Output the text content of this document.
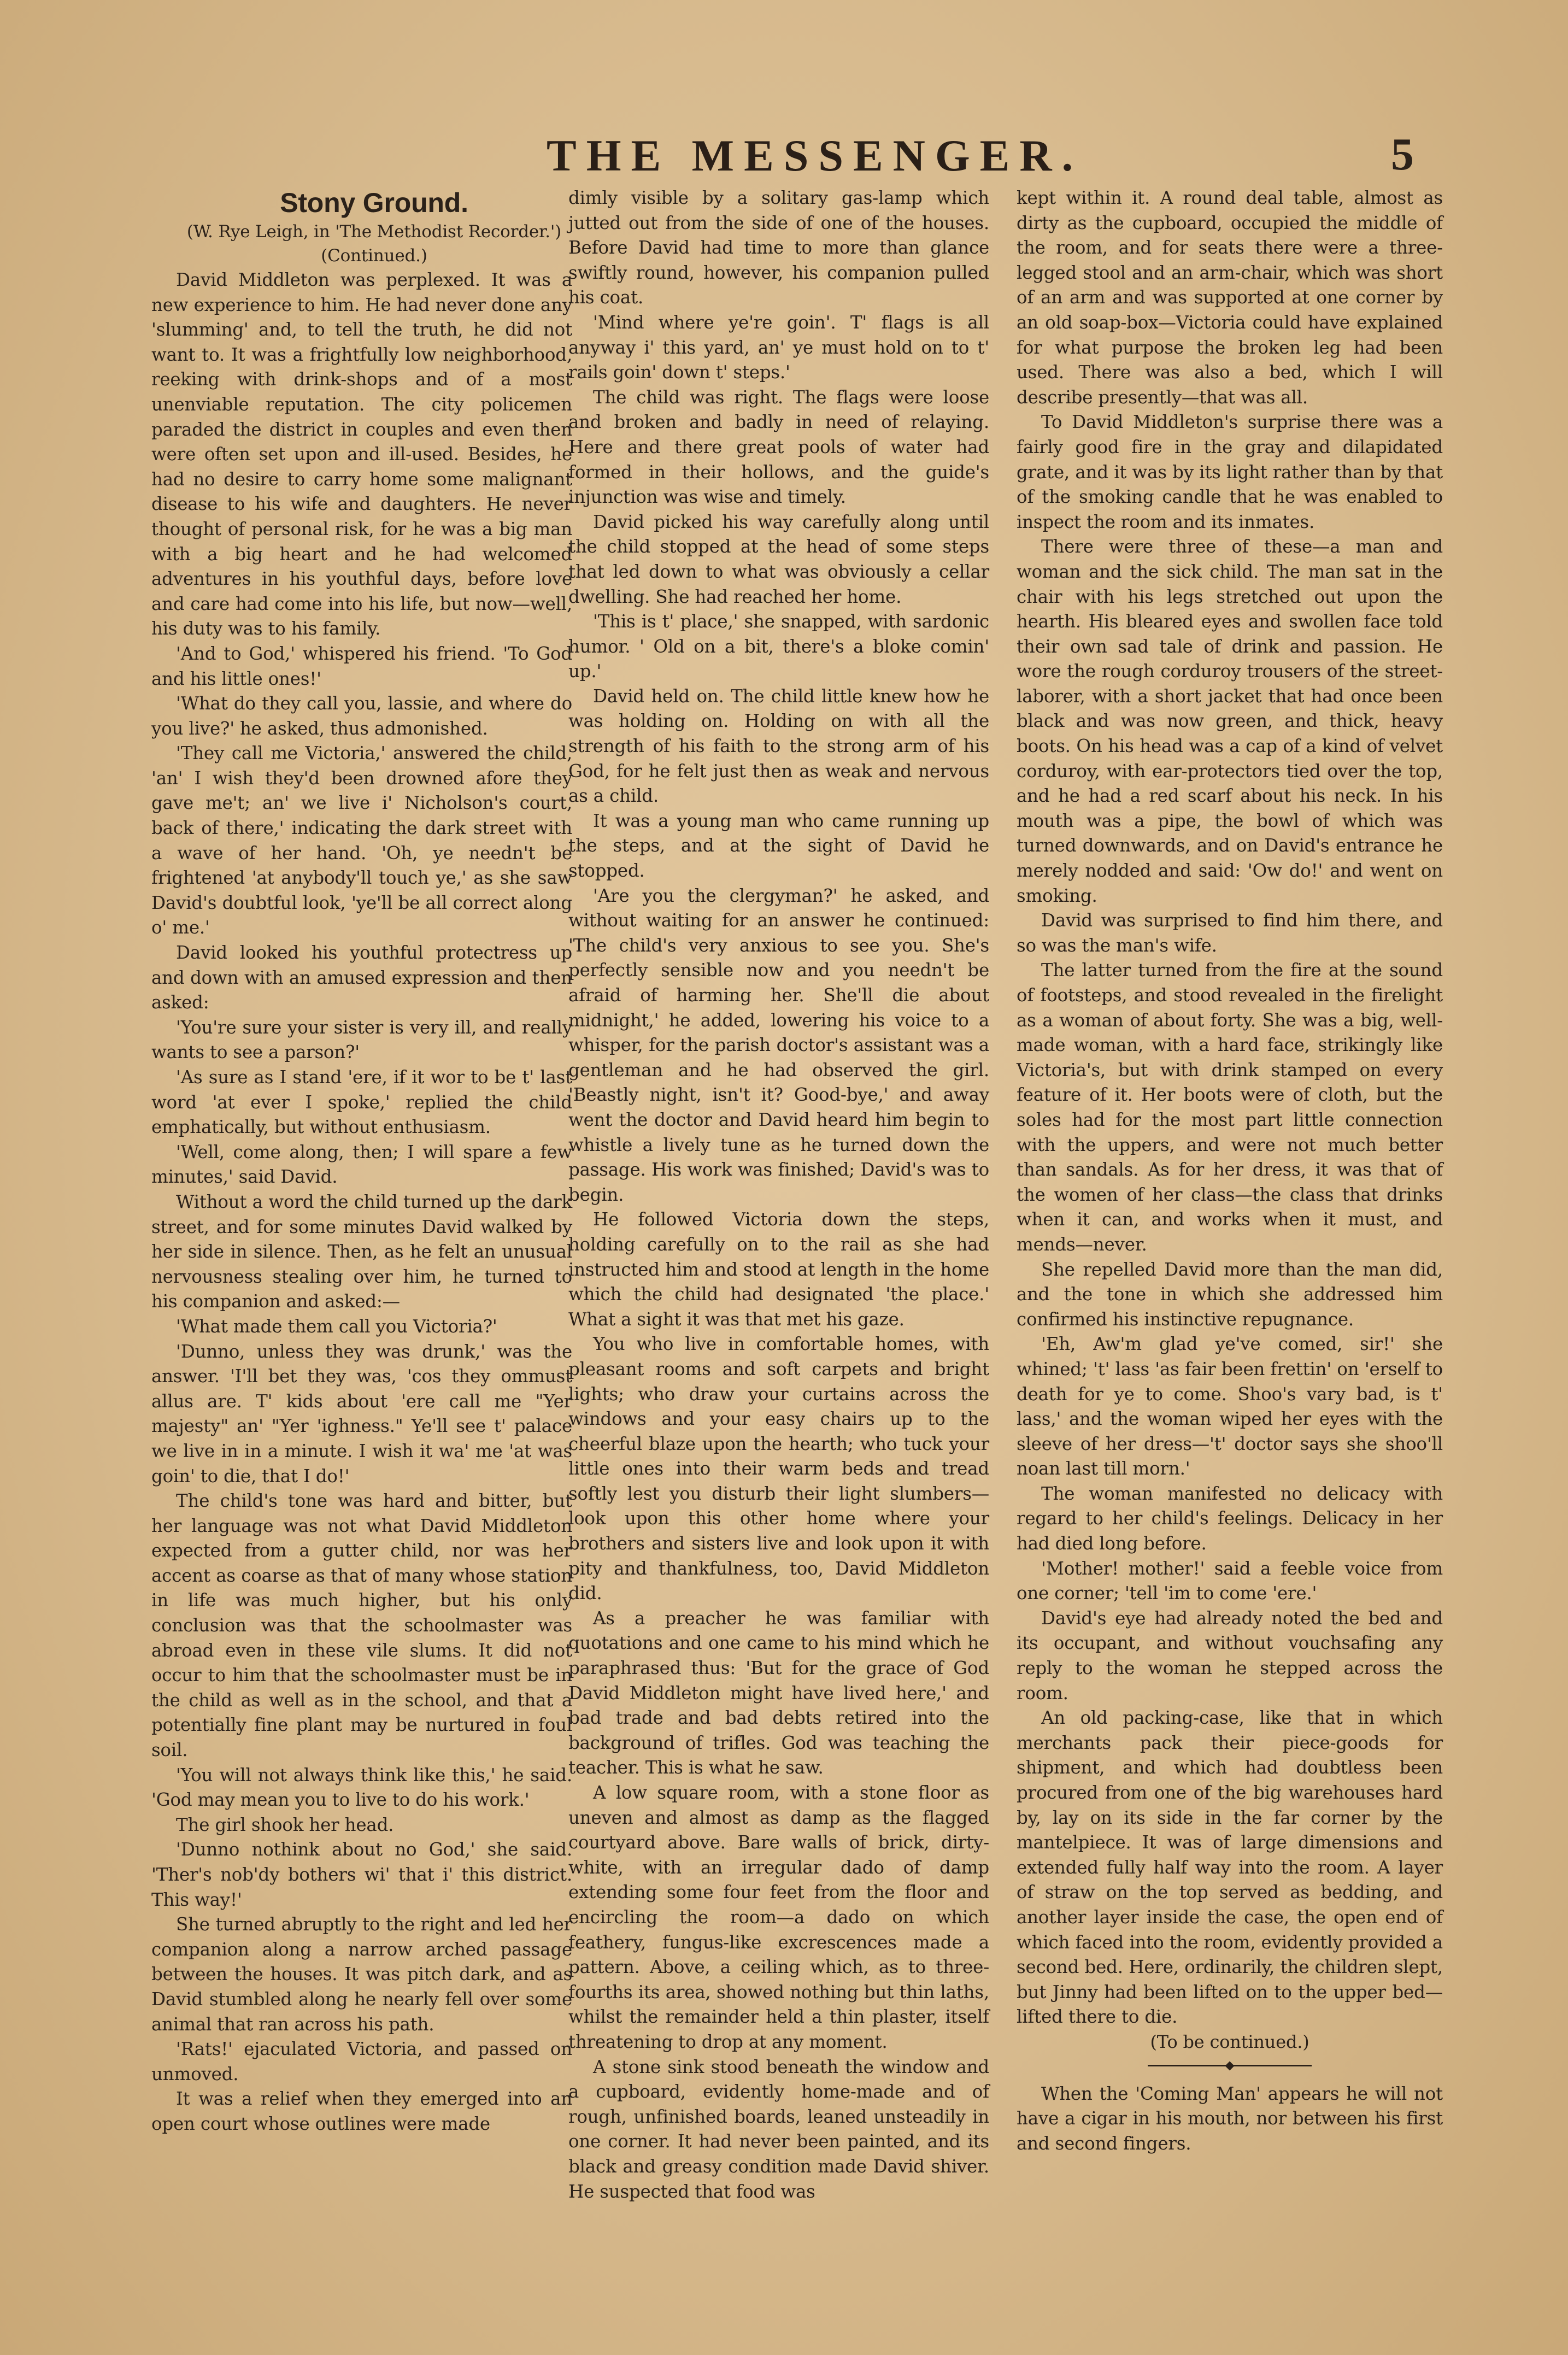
THE MESSENGER.	5

Stony Ground.

(W. Rye Leigh, in 'The Methodist Recorder.')

(Continued.)

David Middleton was perplexed. It was a new experience to him. He had never done any 'slumming' and, to tell the truth, he did not want to. It was a frightfully low neighborhood, reeking with drink-shops and of a most unenviable reputation. The city policemen paraded the district in couples and even then were often set upon and ill-used. Besides, he had no desire to carry home some malignant disease to his wife and daughters. He never thought of personal risk, for he was a big man with a big heart and he had welcomed adventures in his youthful days, before love and care had come into his life, but now—well, his duty was to his family.

'And to God,' whispered his friend. 'To God and his little ones!'

'What do they call you, lassie, and where do you live?' he asked, thus admonished.

'They call me Victoria,' answered the child, 'an' I wish they'd been drowned afore they gave me't; an' we live i' Nicholson's court, back of there,' indicating the dark street with a wave of her hand. 'Oh, ye needn't be frightened 'at anybody'll touch ye,' as she saw David's doubtful look, 'ye'll be all correct along o' me.'

David looked his youthful protectress up and down with an amused expression and then asked:

'You're sure your sister is very ill, and really wants to see a parson?'

'As sure as I stand 'ere, if it wor to be t' last word 'at ever I spoke,' replied the child emphatically, but without enthusiasm.

'Well, come along, then; I will spare a few minutes,' said David.

Without a word the child turned up the dark street, and for some minutes David walked by her side in silence. Then, as he felt an unusual nervousness stealing over him, he turned to his companion and asked:—

'What made them call you Victoria?'

'Dunno, unless they was drunk,' was the answer. 'I'll bet they was, 'cos they ommust allus are. T' kids about 'ere call me "Yer majesty" an' "Yer 'ighness." Ye'll see t' palace we live in in a minute. I wish it wa' me 'at was goin' to die, that I do!'

The child's tone was hard and bitter, but her language was not what David Middleton expected from a gutter child, nor was her accent as coarse as that of many whose station in life was much higher, but his only conclusion was that the schoolmaster was abroad even in these vile slums. It did not occur to him that the schoolmaster must be in the child as well as in the school, and that a potentially fine plant may be nurtured in foul soil.

'You will not always think like this,' he said. 'God may mean you to live to do his work.'

The girl shook her head.

'Dunno nothink about no God,' she said. 'Ther's nob'dy bothers wi' that i' this district. This way!'

She turned abruptly to the right and led her companion along a narrow arched passage between the houses. It was pitch dark, and as David stumbled along he nearly fell over some animal that ran across his path.

'Rats!' ejaculated Victoria, and passed on unmoved.

It was a relief when they emerged into an open court whose outlines were made

dimly visible by a solitary gas-lamp which jutted out from the side of one of the houses. Before David had time to more than glance swiftly round, however, his companion pulled his coat.

'Mind where ye're goin'. T' flags is all anyway i' this yard, an' ye must hold on to t' rails goin' down t' steps.'

The child was right. The flags were loose and broken and badly in need of relaying. Here and there great pools of water had formed in their hollows, and the guide's injunction was wise and timely.

David picked his way carefully along until the child stopped at the head of some steps that led down to what was obviously a cellar dwelling. She had reached her home.

'This is t' place,' she snapped, with sardonic humor. ' Old on a bit, there's a bloke comin' up.'

David held on. The child little knew how he was holding on. Holding on with all the strength of his faith to the strong arm of his God, for he felt just then as weak and nervous as a child.

It was a young man who came running up the steps, and at the sight of David he stopped.

'Are you the clergyman?' he asked, and without waiting for an answer he continued: 'The child's very anxious to see you. She's perfectly sensible now and you needn't be afraid of harming her. She'll die about midnight,' he added, lowering his voice to a whisper, for the parish doctor's assistant was a gentleman and he had observed the girl. 'Beastly night, isn't it? Good-bye,' and away went the doctor and David heard him begin to whistle a lively tune as he turned down the passage. His work was finished; David's was to begin.

He followed Victoria down the steps, holding carefully on to the rail as she had instructed him and stood at length in the home which the child had designated 'the place.' What a sight it was that met his gaze.

You who live in comfortable homes, with pleasant rooms and soft carpets and bright lights; who draw your curtains across the windows and your easy chairs up to the cheerful blaze upon the hearth; who tuck your little ones into their warm beds and tread softly lest you disturb their light slumbers—look upon this other home where your brothers and sisters live and look upon it with pity and thankfulness, too, David Middleton did.

As a preacher he was familiar with quotations and one came to his mind which he paraphrased thus: 'But for the grace of God David Middleton might have lived here,' and bad trade and bad debts retired into the background of trifles. God was teaching the teacher. This is what he saw.

A low square room, with a stone floor as uneven and almost as damp as the flagged courtyard above. Bare walls of brick, dirty-white, with an irregular dado of damp extending some four feet from the floor and encircling the room—a dado on which feathery, fungus-like excrescences made a pattern. Above, a ceiling which, as to three-fourths its area, showed nothing but thin laths, whilst the remainder held a thin plaster, itself threatening to drop at any moment.

A stone sink stood beneath the window and a cupboard, evidently home-made and of rough, unfinished boards, leaned unsteadily in one corner. It had never been painted, and its black and greasy condition made David shiver. He suspected that food was

kept within it. A round deal table, almost as dirty as the cupboard, occupied the middle of the room, and for seats there were a three-legged stool and an arm-chair, which was short of an arm and was supported at one corner by an old soap-box—Victoria could have explained for what purpose the broken leg had been used. There was also a bed, which I will describe presently—that was all.

To David Middleton's surprise there was a fairly good fire in the gray and dilapidated grate, and it was by its light rather than by that of the smoking candle that he was enabled to inspect the room and its inmates.

There were three of these—a man and woman and the sick child. The man sat in the chair with his legs stretched out upon the hearth. His bleared eyes and swollen face told their own sad tale of drink and passion. He wore the rough corduroy trousers of the street-laborer, with a short jacket that had once been black and was now green, and thick, heavy boots. On his head was a cap of a kind of velvet corduroy, with ear-protectors tied over the top, and he had a red scarf about his neck. In his mouth was a pipe, the bowl of which was turned downwards, and on David's entrance he merely nodded and said: 'Ow do!' and went on smoking.

David was surprised to find him there, and so was the man's wife.

The latter turned from the fire at the sound of footsteps, and stood revealed in the firelight as a woman of about forty. She was a big, well-made woman, with a hard face, strikingly like Victoria's, but with drink stamped on every feature of it. Her boots were of cloth, but the soles had for the most part little connection with the uppers, and were not much better than sandals. As for her dress, it was that of the women of her class—the class that drinks when it can, and works when it must, and mends—never.

She repelled David more than the man did, and the tone in which she addressed him confirmed his instinctive repugnance.

'Eh, Aw'm glad ye've comed, sir!' she whined; 't' lass 'as fair been frettin' on 'erself to death for ye to come. Shoo's vary bad, is t' lass,' and the woman wiped her eyes with the sleeve of her dress—'t' doctor says she shoo'll noan last till morn.'

The woman manifested no delicacy with regard to her child's feelings. Delicacy in her had died long before.

'Mother! mother!' said a feeble voice from one corner; 'tell 'im to come 'ere.'

David's eye had already noted the bed and its occupant, and without vouchsafing any reply to the woman he stepped across the room.

An old packing-case, like that in which merchants pack their piece-goods for shipment, and which had doubtless been procured from one of the big warehouses hard by, lay on its side in the far corner by the mantelpiece. It was of large dimensions and extended fully half way into the room. A layer of straw on the top served as bedding, and another layer inside the case, the open end of which faced into the room, evidently provided a second bed. Here, ordinarily, the children slept, but Jinny had been lifted on to the upper bed—lifted there to die.

(To be continued.)

When the 'Coming Man' appears he will not have a cigar in his mouth, nor between his first and second fingers.
